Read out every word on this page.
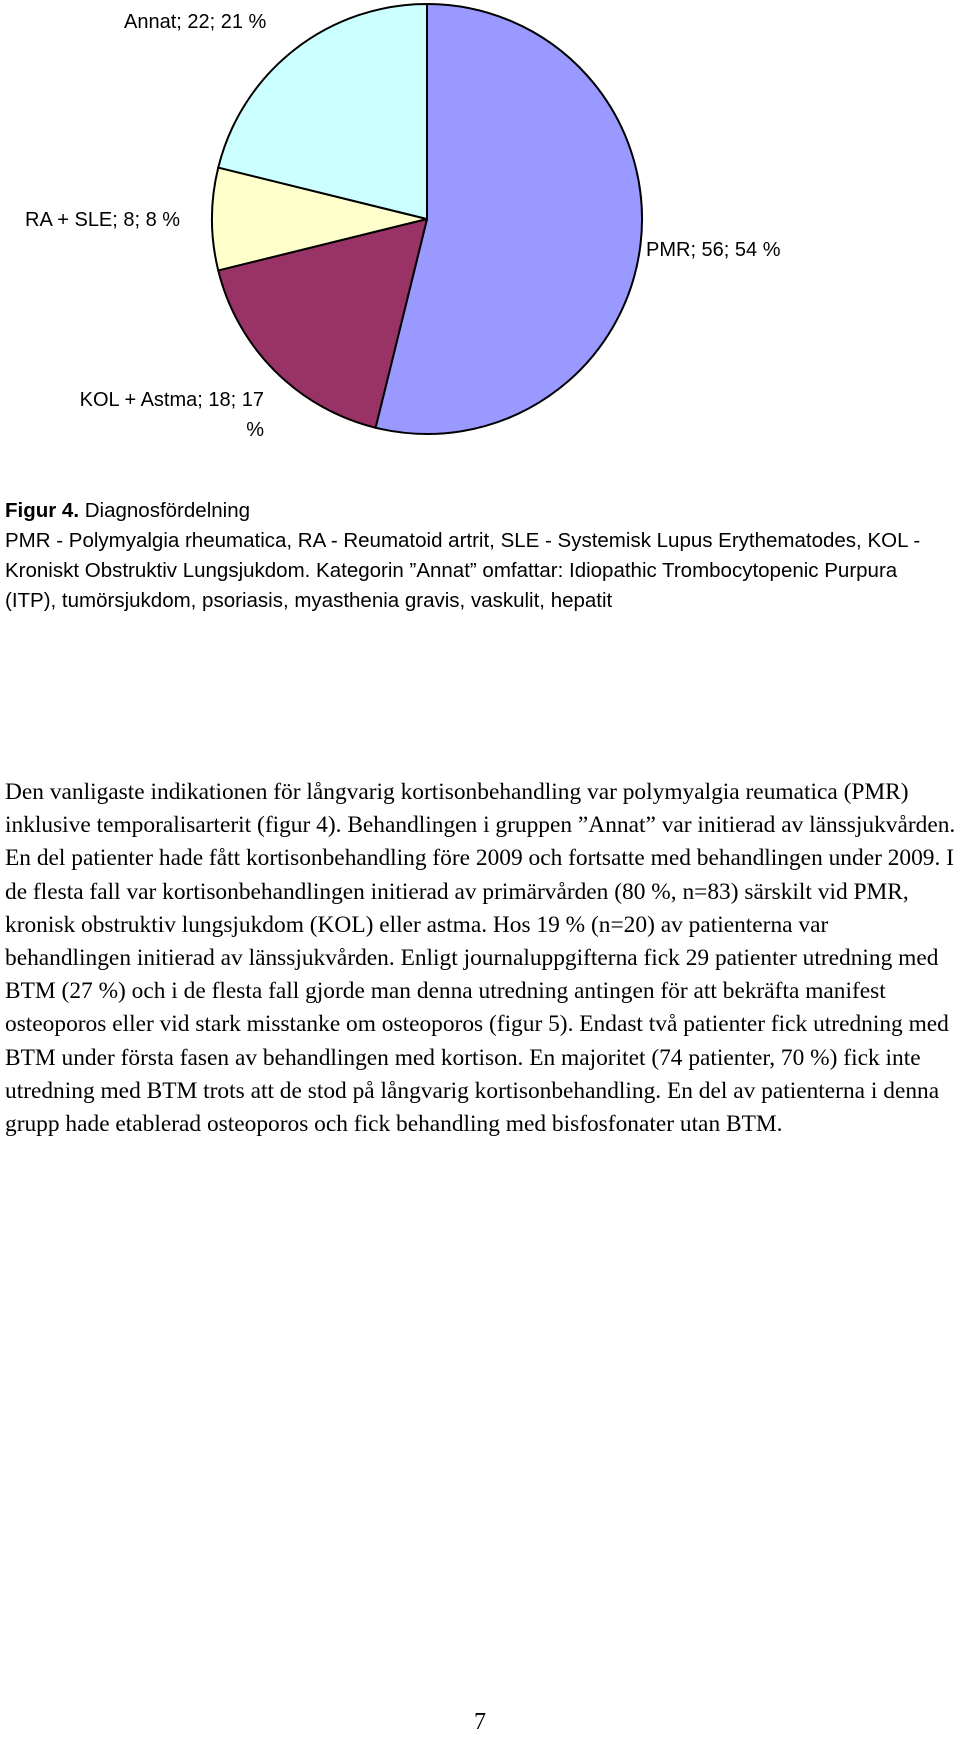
Annat; 22; 21 %
RA + SLE; 8; 8 %
PMR; 56; 54 %
KOL + Astma; 18; 17 %

Figur 4. Diagnosfördelning

PMR - Polymyalgia rheumatica, RA - Reumatoid artrit, SLE - Systemisk Lupus Erythematodes, KOL - Kroniskt Obstruktiv Lungsjukdom. Kategorin ”Annat” omfattar: Idiopathic Trombocytopenic Purpura (ITP), tumörsjukdom, psoriasis, myasthenia gravis, vaskulit, hepatit

Den vanligaste indikationen för långvarig kortisonbehandling var polymyalgia reumatica (PMR) inklusive temporalisarterit (figur 4). Behandlingen i gruppen ”Annat” var initierad av länssjukvården. En del patienter hade fått kortisonbehandling före 2009 och fortsatte med behandlingen under 2009. I de flesta fall var kortisonbehandlingen initierad av primärvården (80 %, n=83) särskilt vid PMR, kronisk obstruktiv lungsjukdom (KOL) eller astma. Hos 19 % (n=20) av patienterna var behandlingen initierad av länssjukvården. Enligt journaluppgifterna fick 29 patienter utredning med BTM (27 %) och i de flesta fall gjorde man denna utredning antingen för att bekräfta manifest osteoporos eller vid stark misstanke om osteoporos (figur 5). Endast två patienter fick utredning med BTM under första fasen av behandlingen med kortison. En majoritet (74 patienter, 70 %) fick inte utredning med BTM trots att de stod på långvarig kortisonbehandling. En del av patienterna i denna grupp hade etablerad osteoporos och fick behandling med bisfosfonater utan BTM.

7
